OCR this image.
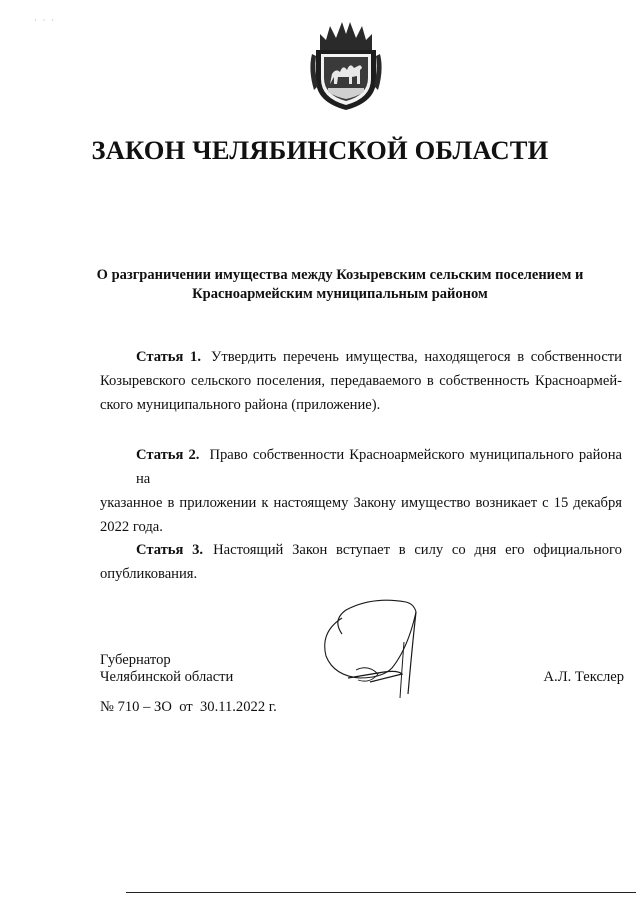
· · ·
ЗАКОН ЧЕЛЯБИНСКОЙ ОБЛАСТИ
О разграничении имущества между Козыревским сельским поселением и
Красноармейским муниципальным районом
Статья 1. Утвердить перечень имущества, находящегося в собственности
Козыревского сельского поселения, передаваемого в собственность Красноармей-ского муниципального района (приложение).
Статья 2. Право собственности Красноармейского муниципального района на
указанное в приложении к настоящему Закону имущество возникает с 15 декабря 2022 года.
Статья 3. Настоящий Закон вступает в силу со дня его официального
опубликования.
Губернатор
Челябинской области	А.Л. Текслер

№ 710 – ЗО  от  30.11.2022 г.
